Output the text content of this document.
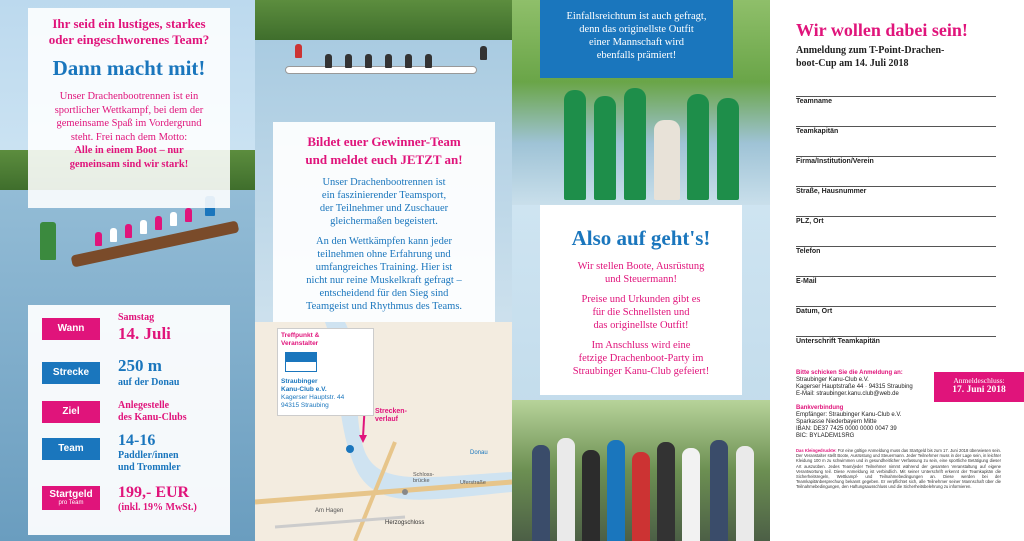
Ihr seid ein lustiges, starkes
oder eingeschworenes Team?
Dann macht mit!
Unser Drachenbootrennen ist ein
sportlicher Wettkampf, bei dem der
gemeinsame Spaß im Vordergrund
steht. Frei nach dem Motto:
Alle in einem Boot – nur
gemeinsam sind wir stark!
Wann
Samstag
14. Juli
Strecke	250 m
auf der Donau
Ziel
Anlegestelle
des Kanu-Clubs
Team	14-16
Paddler/innen
und Trommler
Startgeld
pro Team
199,- EUR
(inkl. 19% MwSt.)
Bildet euer Gewinner-Team
und meldet euch JETZT an!
Unser Drachenbootrennen ist
ein faszinierender Teamsport,
der Teilnehmer und Zuschauer
gleichermaßen begeistert.
An den Wettkämpfen kann jeder
teilnehmen ohne Erfahrung und
umfangreiches Training. Hier ist
nicht nur reine Muskelkraft gefragt –
entscheidend für den Sieg sind
Teamgeist und Rhythmus des Teams.
Treffpunkt &
Veranstalter
Straubinger
Kanu-Club e.V.
Kagerser Hauptstr. 44
94315 Straubing
Strecken-
verlauf
Schloss-brücke
Donau
Am Hagen
Herzogschloss
Uferstraße
Einfallsreichtum ist auch gefragt,
denn das originellste Outfit
einer Mannschaft wird
ebenfalls prämiert!
Also auf geht's!
Wir stellen Boote, Ausrüstung
und Steuermann!
Preise und Urkunden gibt es
für die Schnellsten und
das originellste Outfit!
Im Anschluss wird eine
fetzige Drachenboot-Party im
Straubinger Kanu-Club gefeiert!
Wir wollen dabei sein!
Anmeldung zum T-Point-Drachen-
boot-Cup am 14. Juli 2018
Teamname
Teamkapitän
Firma/Institution/Verein
Straße, Hausnummer
PLZ, Ort
Telefon
E-Mail
Datum, Ort
Unterschrift Teamkapitän
Bitte schicken Sie die Anmeldung an:
Straubinger Kanu-Club e.V.
Kagerser Hauptstraße 44 · 94315 Straubing
E-Mail: straubinger.kanu.club@web.de
Anmeldeschluss:
17. Juni 2018
Bankverbindung
Empfänger: Straubinger Kanu-Club e.V.
Sparkasse Niederbayern Mitte
IBAN: DE37 7425 0000 0000 0047 39
BIC: BYLADEM1SRG
Das Kleingedruckte: Für eine gültige Anmeldung muss das Startgeld bis zum 17. Juni 2018 überwiesen sein. Der Veranstalter stellt Boote, Ausrüstung und Steuermann. Jeder Teilnehmer muss in der Lage sein, in leichter Kleidung 100 m zu schwimmen und in gesundheitlicher Verfassung zu sein, eine sportliche Betätigung dieser Art auszuüben. Jedes Team/jeder Teilnehmer nimmt während der gesamten Veranstaltung auf eigene Verantwortung teil. Diese Anmeldung ist verbindlich. Mit seiner Unterschrift erkennt der Teamkapitän die Sicherheitsregeln, Wettkampf- und Teilnahmebedingungen an. Diese werden bei der Teamkapitänbesprechung bekannt gegeben. Er verpflichtet sich, alle Teilnehmer seiner Mannschaft über die Teilnahmebedingungen, den Haftungsausschluss und die Sicherheitsbelehrung zu informieren.
